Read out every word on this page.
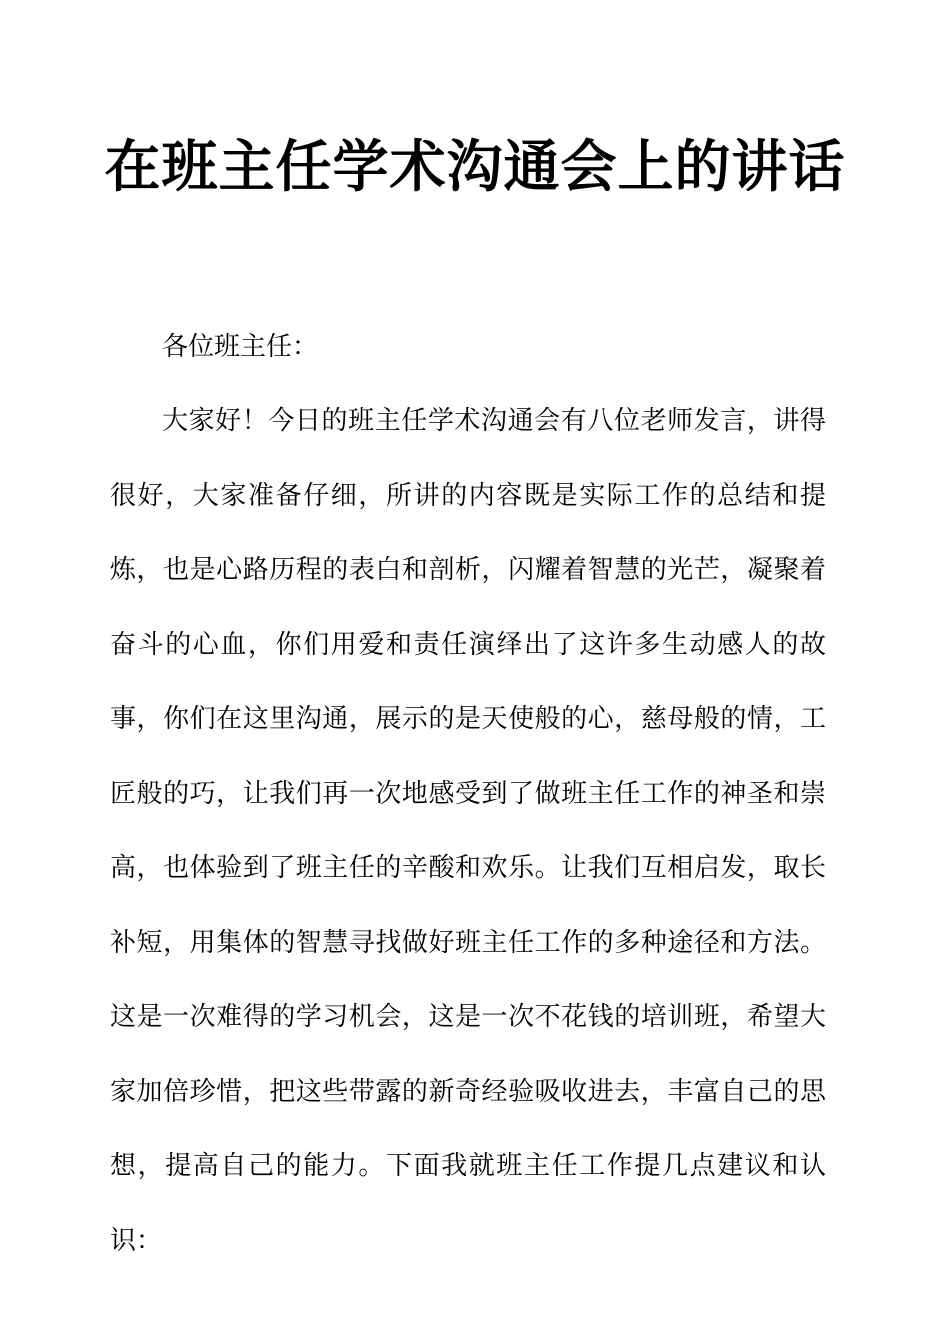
在班主任学术沟通会上的讲话

各位班主任：

大家好！今日的班主任学术沟通会有八位老师发言，讲得很好，大家准备仔细，所讲的内容既是实际工作的总结和提炼，也是心路历程的表白和剖析，闪耀着智慧的光芒，凝聚着奋斗的心血，你们用爱和责任演绎出了这许多生动感人的故事，你们在这里沟通，展示的是天使般的心，慈母般的情，工匠般的巧，让我们再一次地感受到了做班主任工作的神圣和崇高，也体验到了班主任的辛酸和欢乐。让我们互相启发，取长补短，用集体的智慧寻找做好班主任工作的多种途径和方法。这是一次难得的学习机会，这是一次不花钱的培训班，希望大家加倍珍惜，把这些带露的新奇经验吸收进去，丰富自己的思想，提高自己的能力。下面我就班主任工作提几点建议和认识：
